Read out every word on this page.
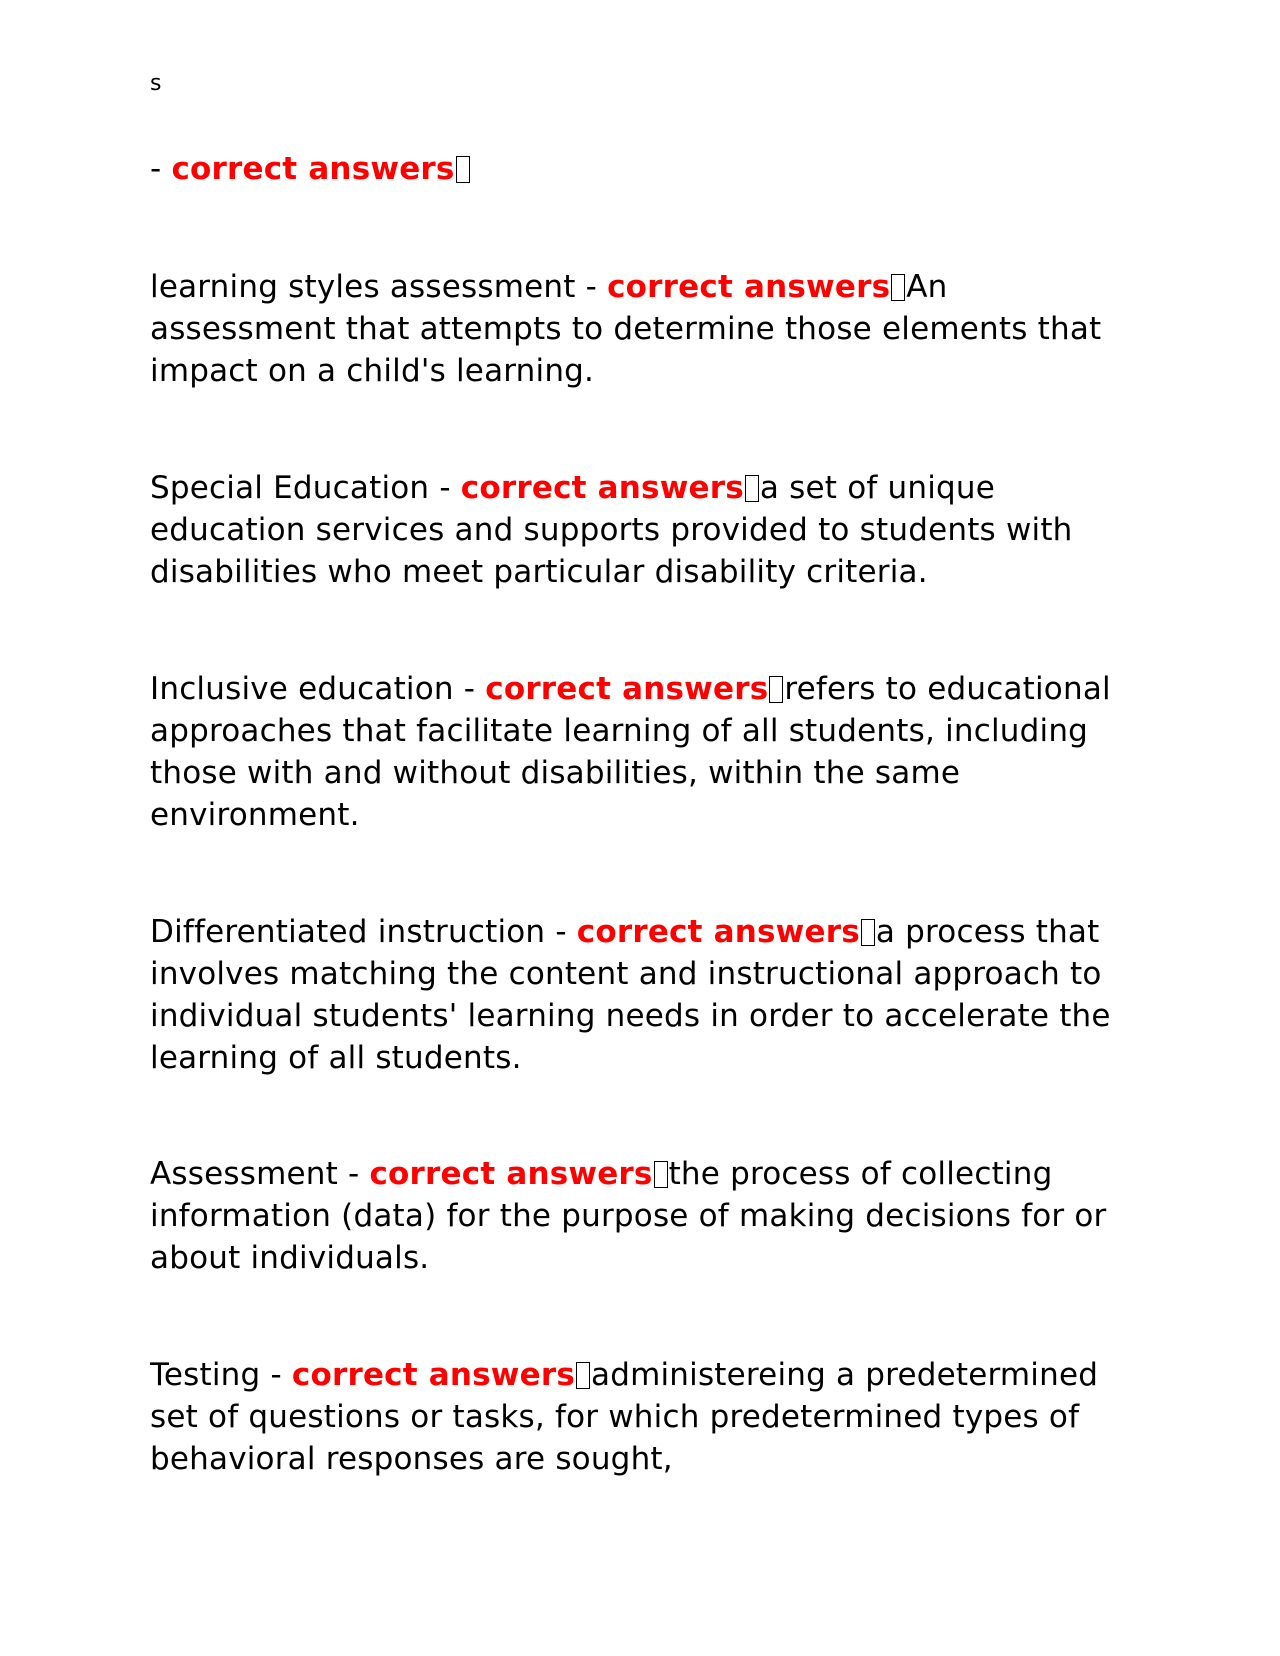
s

- correct answers

learning styles assessment - correct answers An assessment that attempts to determine those elements that impact on a child's learning.

Special Education - correct answers a set of unique education services and supports provided to students with disabilities who meet particular disability criteria.

Inclusive education - correct answers refers to educational approaches that facilitate learning of all students, including those with and without disabilities, within the same environment.

Differentiated instruction - correct answers a process that involves matching the content and instructional approach to individual students' learning needs in order to accelerate the learning of all students.

Assessment - correct answers the process of collecting information (data) for the purpose of making decisions for or about individuals.

Testing - correct answers administereing a predetermined set of questions or tasks, for which predetermined types of behavioral responses are sought,
